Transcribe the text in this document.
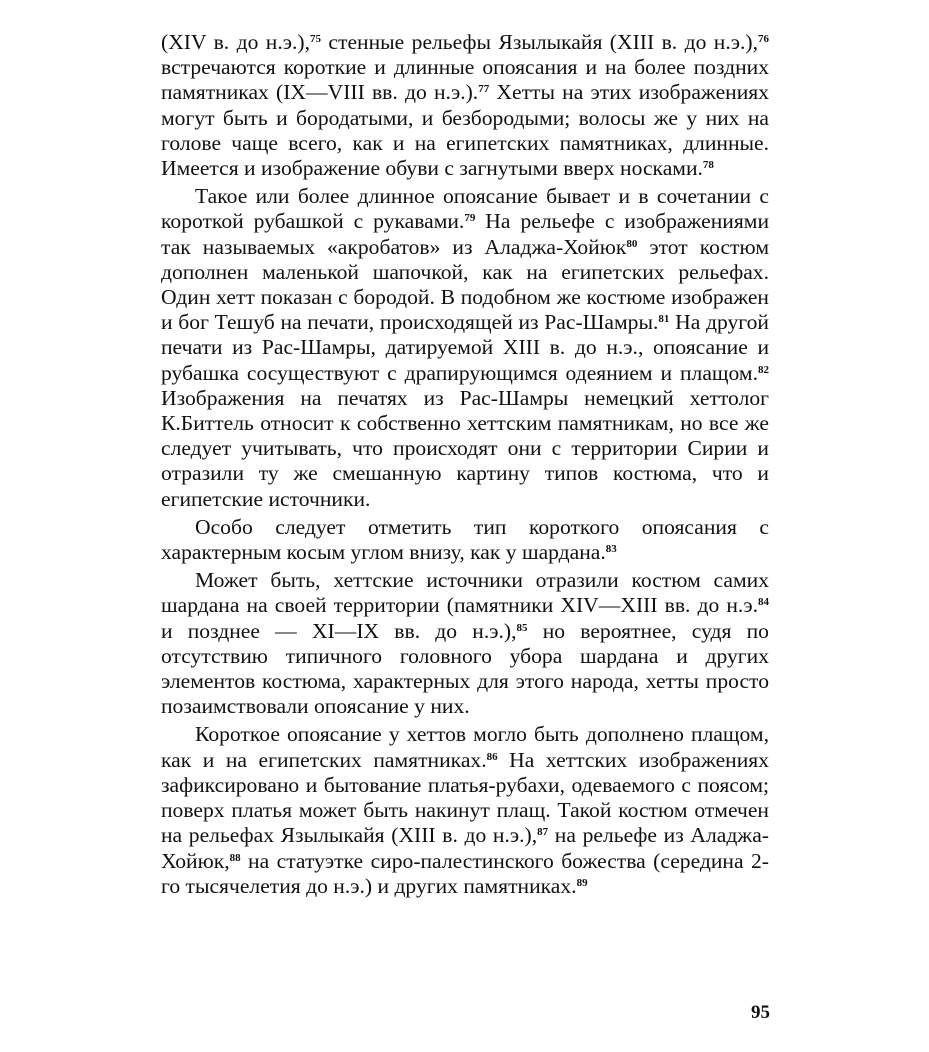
(XIV в. до н.э.),$^{75}$ стенные рельефы Язылыкайя (XIII в. до н.э.),$^{76}$ встречаются короткие и длинные опоясания и на более поздних памятниках (IX—VIII вв. до н.э.).$^{77}$ Хетты на этих изображениях могут быть и бородатыми, и безбородыми; волосы же у них на голове чаще всего, как и на египетских памятниках, длинные. Имеется и изображение обуви с загнутыми вверх носками.$^{78}$

Такое или более длинное опоясание бывает и в сочетании с короткой рубашкой с рукавами.$^{79}$ На рельефе с изображениями так называемых «акробатов» из Аладжа-Хойюк$^{80}$ этот костюм дополнен маленькой шапочкой, как на египетских рельефах. Один хетт показан с бородой. В подобном же костюме изображен и бог Тешуб на печати, происходящей из Рас-Шамры.$^{81}$ На другой печати из Рас-Шамры, датируемой XIII в. до н.э., опоясание и рубашка сосуществуют с драпирующимся одеянием и плащом.$^{82}$ Изображения на печатях из Рас-Шамры немецкий хеттолог К.Биттель относит к собственно хеттским памятникам, но все же следует учитывать, что происходят они с территории Сирии и отразили ту же смешанную картину типов костюма, что и египетские источники.

Особо следует отметить тип короткого опоясания с характерным косым углом внизу, как у шардана.$^{83}$

Может быть, хеттские источники отразили костюм самих шардана на своей территории (памятники XIV—XIII вв. до н.э.$^{84}$ и позднее — XI—IX вв. до н.э.),$^{85}$ но вероятнее, судя по отсутствию типичного головного убора шардана и других элементов костюма, характерных для этого народа, хетты просто позаимствовали опоясание у них.

Короткое опоясание у хеттов могло быть дополнено плащом, как и на египетских памятниках.$^{86}$ На хеттских изображениях зафиксировано и бытование платья-рубахи, одеваемого с поясом; поверх платья может быть накинут плащ. Такой костюм отмечен на рельефах Язылыкайя (XIII в. до н.э.),$^{87}$ на рельефе из Аладжа-Хойюк,$^{88}$ на статуэтке сиро-палестинского божества (середина 2-го тысячелетия до н.э.) и других памятниках.$^{89}$

95
